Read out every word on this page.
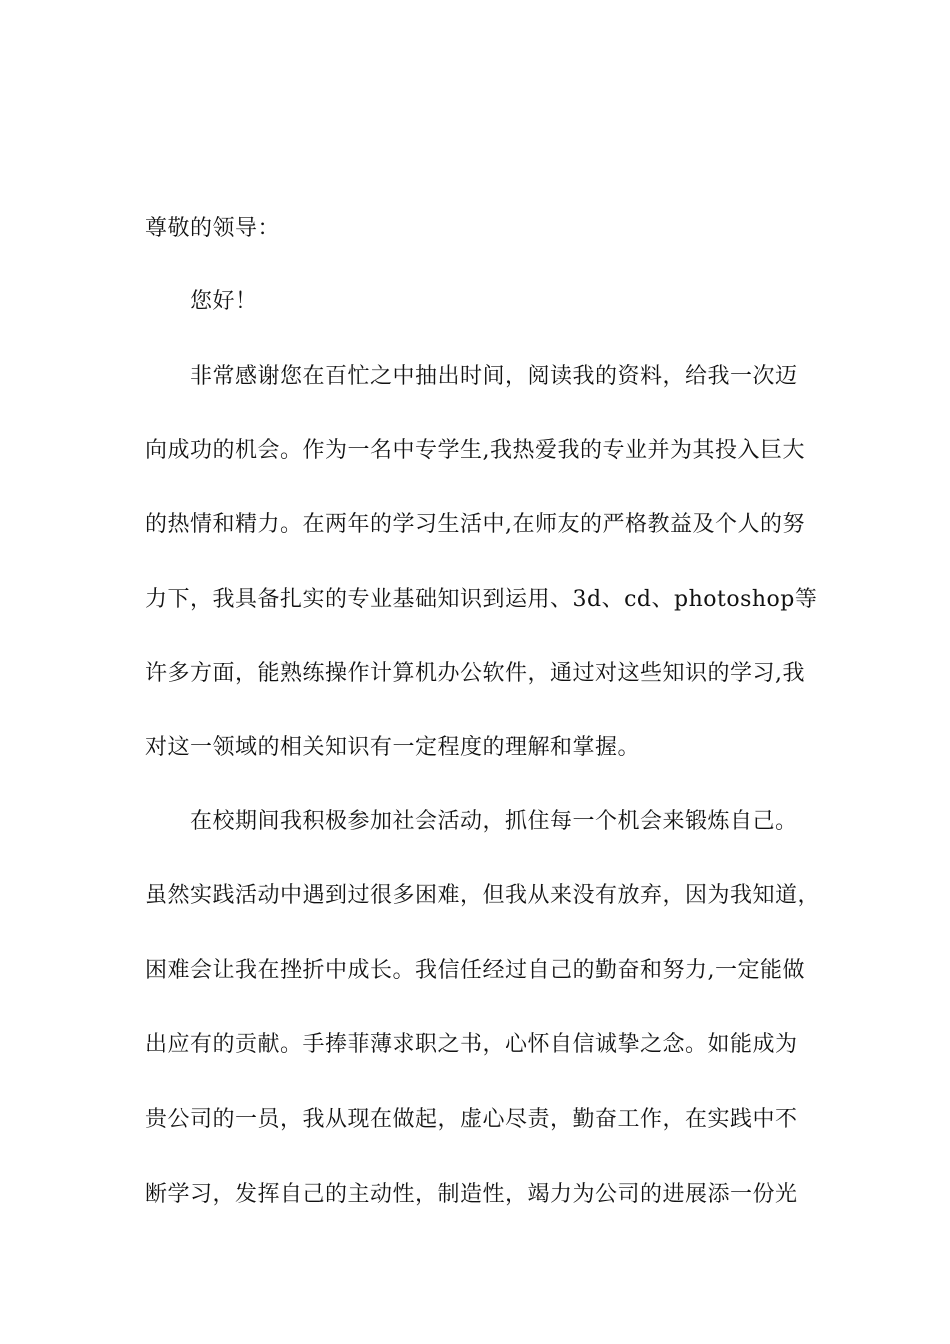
尊敬的领导：
您好！
非常感谢您在百忙之中抽出时间，阅读我的资料，给我一次迈
向成功的机会。作为一名中专学生,我热爱我的专业并为其投入巨大
的热情和精力。在两年的学习生活中,在师友的严格教益及个人的努
力下，我具备扎实的专业基础知识到运用、3d、cd、photoshop等
许多方面，能熟练操作计算机办公软件，通过对这些知识的学习,我
对这一领域的相关知识有一定程度的理解和掌握。
在校期间我积极参加社会活动，抓住每一个机会来锻炼自己。
虽然实践活动中遇到过很多困难，但我从来没有放弃，因为我知道，
困难会让我在挫折中成长。我信任经过自己的勤奋和努力,一定能做
出应有的贡献。手捧菲薄求职之书，心怀自信诚挚之念。如能成为
贵公司的一员，我从现在做起，虚心尽责，勤奋工作，在实践中不
断学习，发挥自己的主动性，制造性，竭力为公司的进展添一份光
